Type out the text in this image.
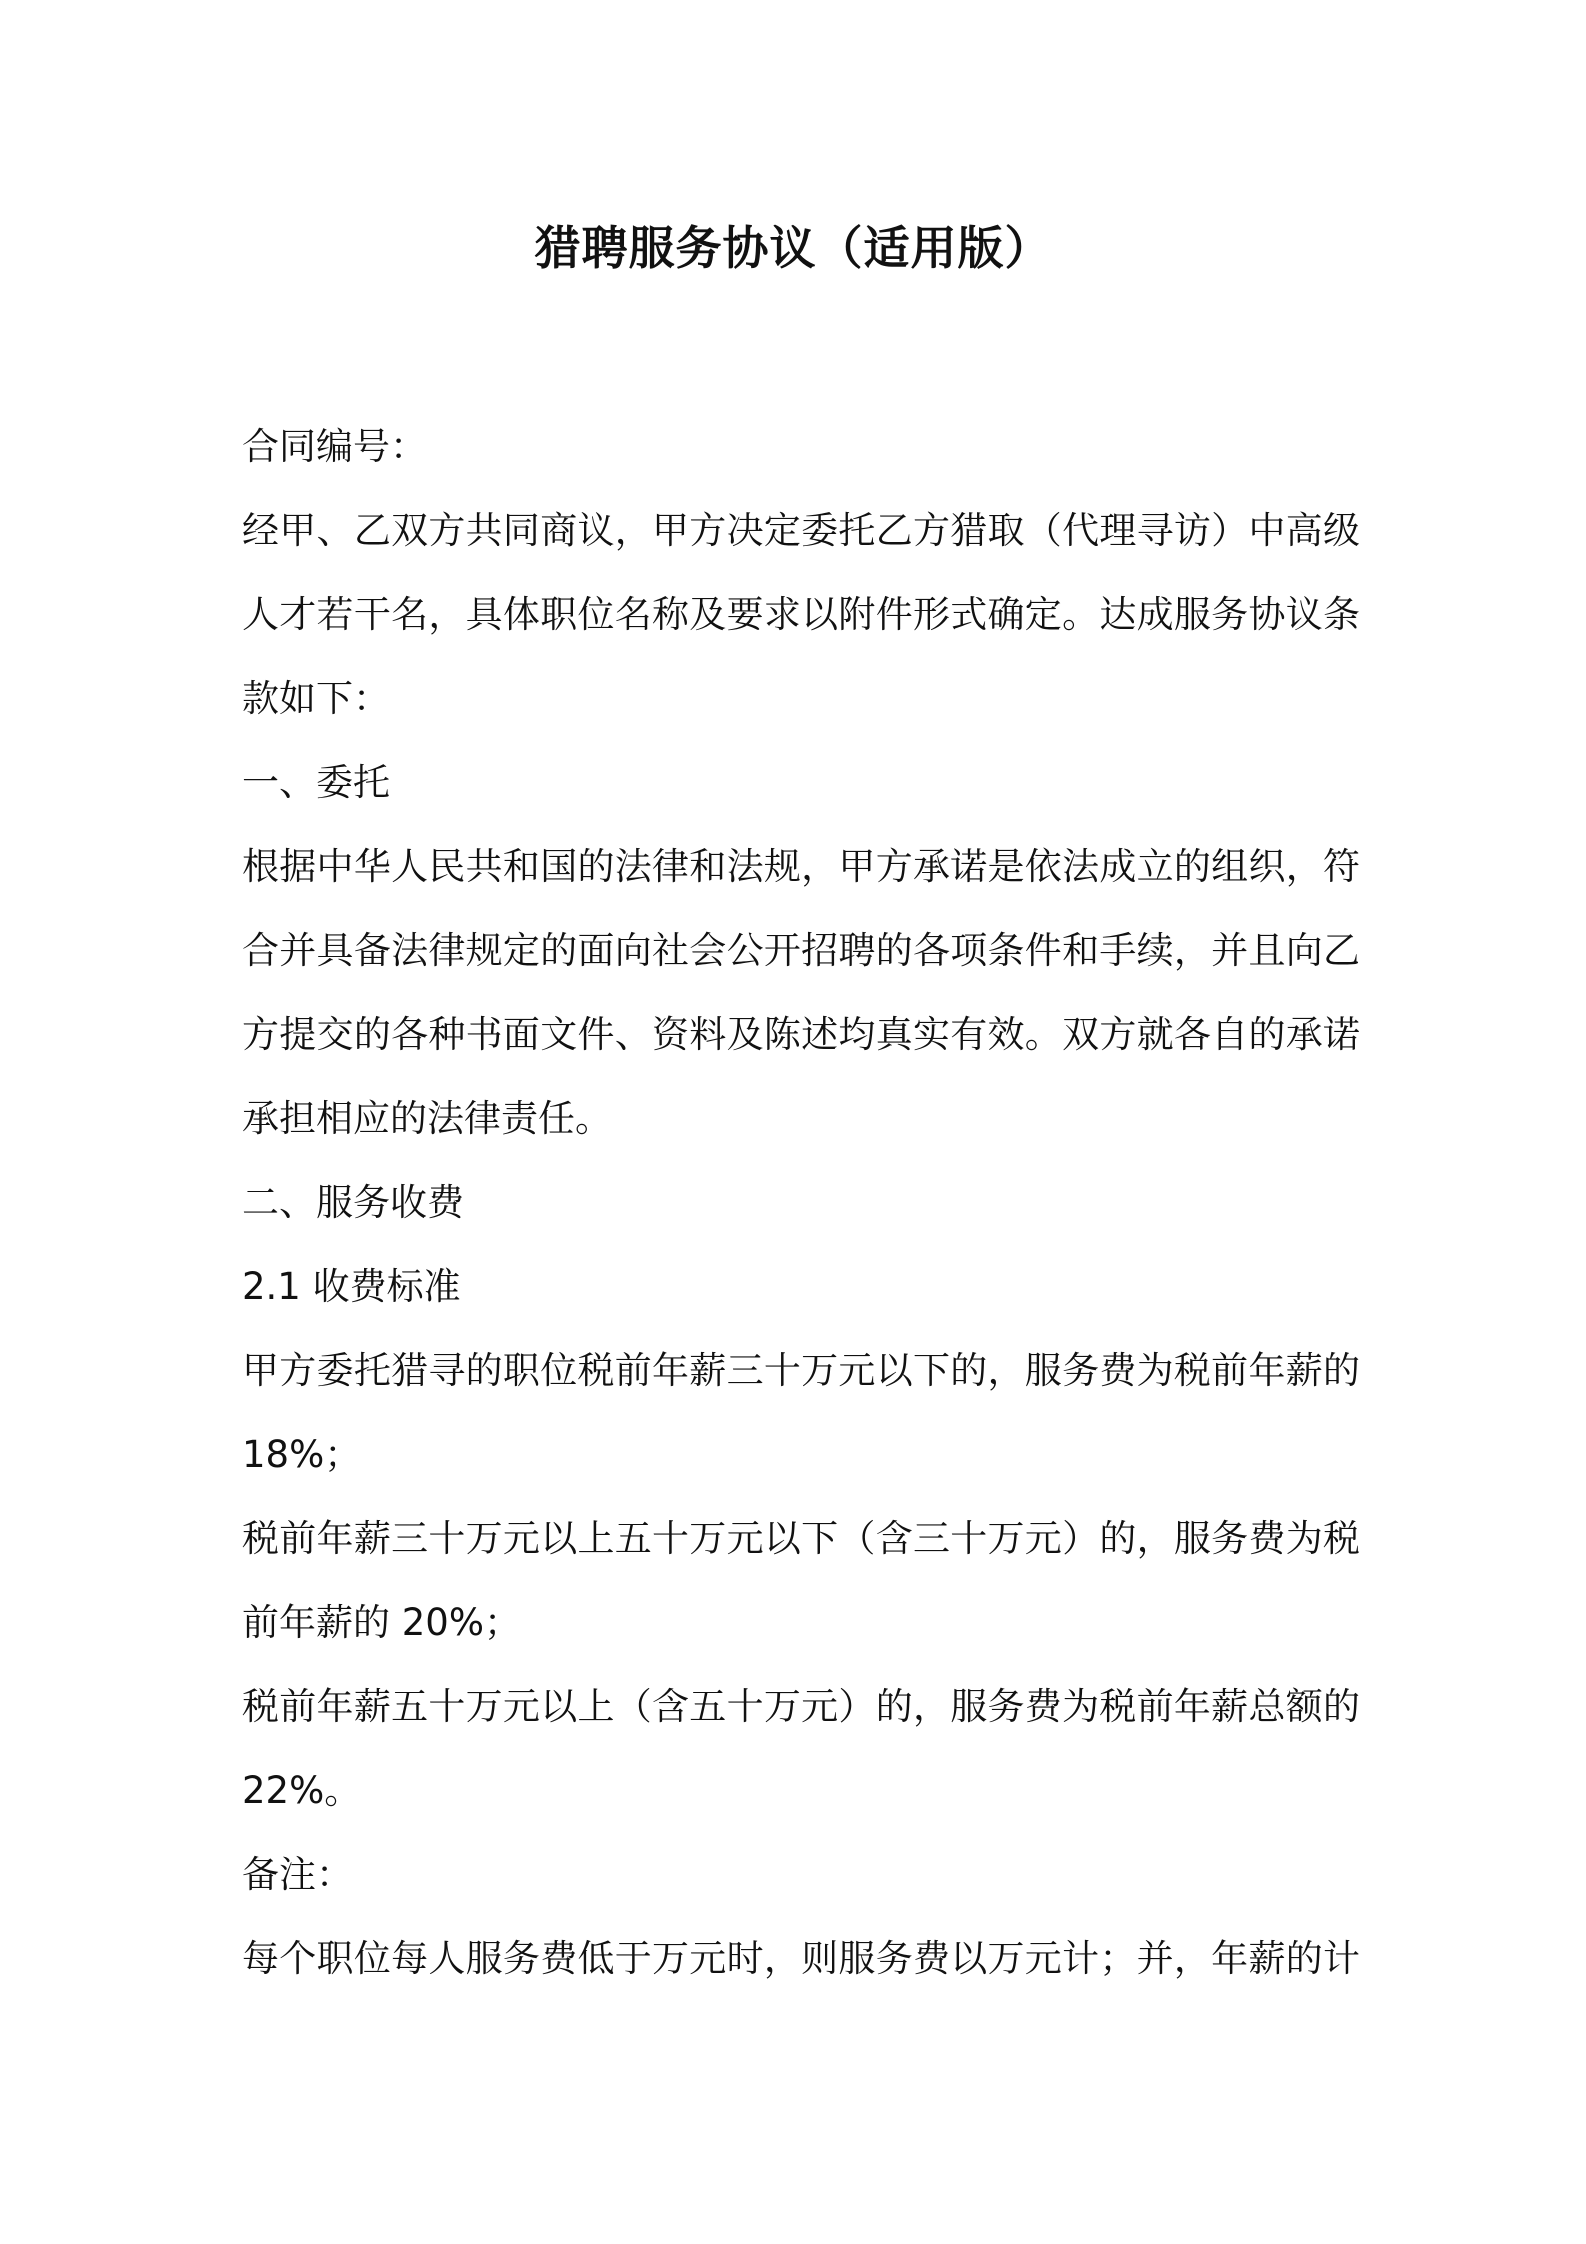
猎聘服务协议（适用版）
合同编号：
经甲、乙双方共同商议，甲方决定委托乙方猎取（代理寻访）中高级
人才若干名，具体职位名称及要求以附件形式确定。达成服务协议条
款如下：
一、委托
根据中华人民共和国的法律和法规，甲方承诺是依法成立的组织，符
合并具备法律规定的面向社会公开招聘的各项条件和手续，并且向乙
方提交的各种书面文件、资料及陈述均真实有效。双方就各自的承诺
承担相应的法律责任。
二、服务收费
2.1 收费标准
甲方委托猎寻的职位税前年薪三十万元以下的，服务费为税前年薪的
18%；
税前年薪三十万元以上五十万元以下（含三十万元）的，服务费为税
前年薪的 20%；
税前年薪五十万元以上（含五十万元）的，服务费为税前年薪总额的
22%。
备注：
每个职位每人服务费低于万元时，则服务费以万元计；并，年薪的计
